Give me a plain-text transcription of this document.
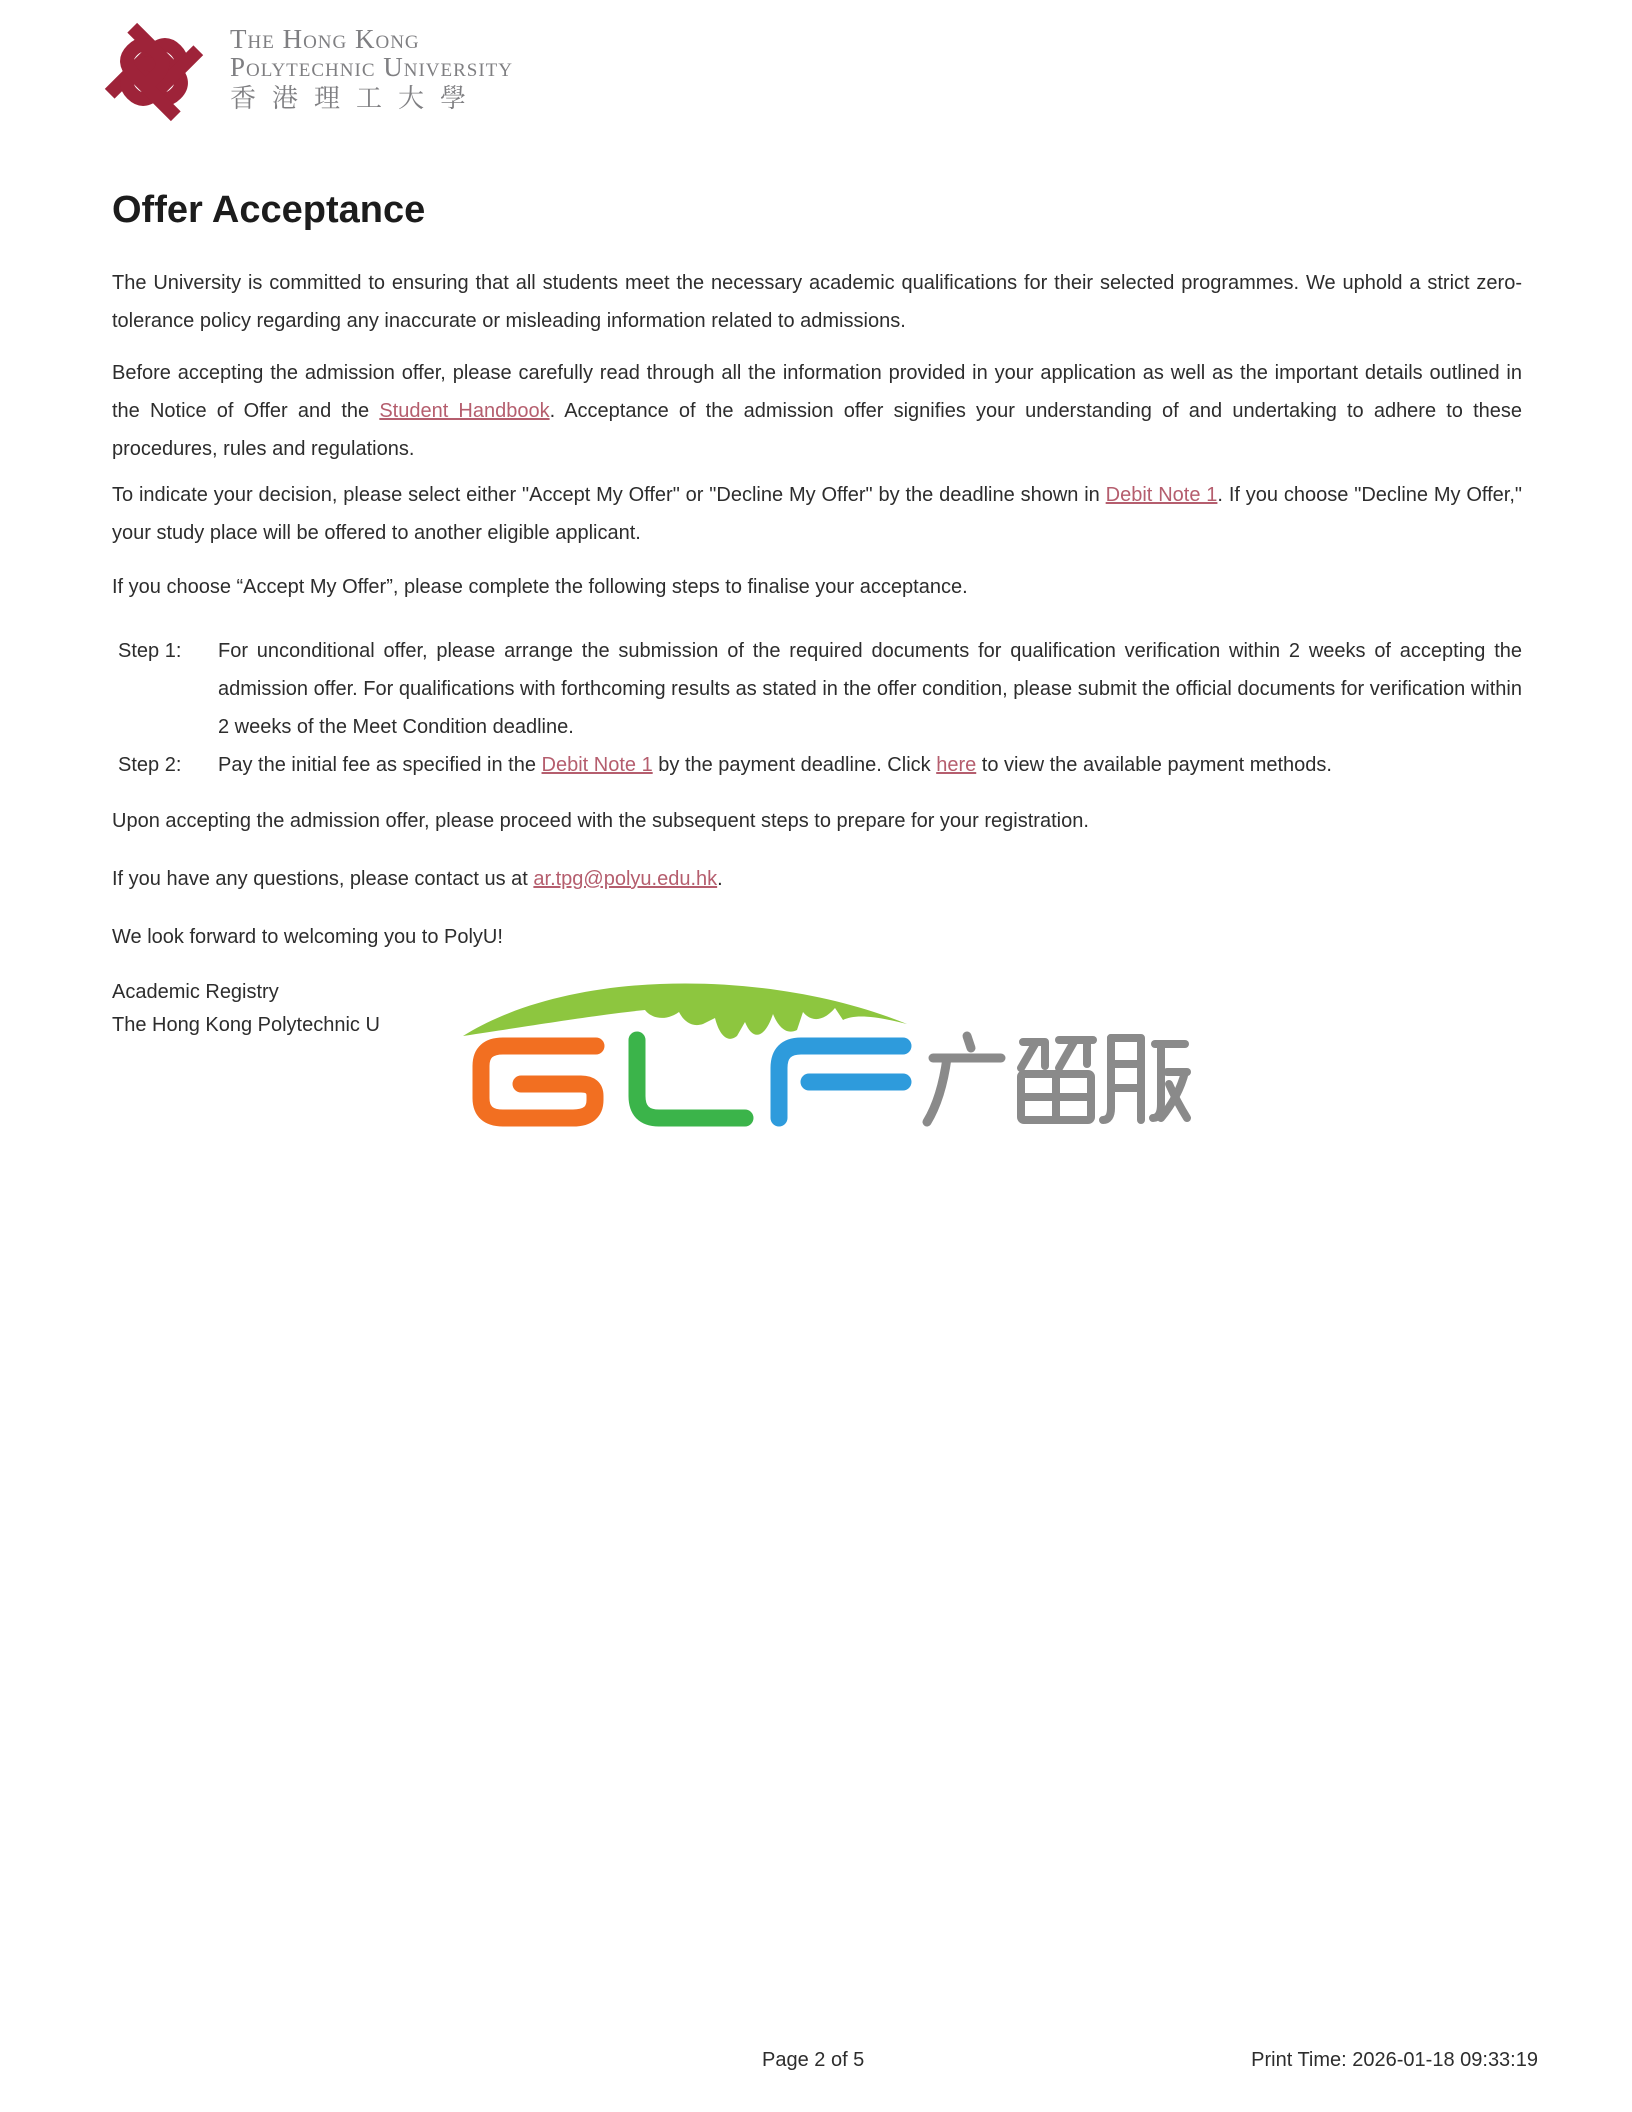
The Hong Kong
Polytechnic University
香港理工大學
Offer Acceptance
The University is committed to ensuring that all students meet the necessary academic qualifications for their selected programmes. We uphold a strict zero-tolerance policy regarding any inaccurate or misleading information related to admissions.
Before accepting the admission offer, please carefully read through all the information provided in your application as well as the important details outlined in the Notice of Offer and the Student Handbook. Acceptance of the admission offer signifies your understanding of and undertaking to adhere to these procedures, rules and regulations.
To indicate your decision, please select either "Accept My Offer" or "Decline My Offer" by the deadline shown in Debit Note 1. If you choose "Decline My Offer," your study place will be offered to another eligible applicant.
If you choose “Accept My Offer”, please complete the following steps to finalise your acceptance.
Step 1:	For unconditional offer, please arrange the submission of the required documents for qualification verification within 2 weeks of accepting the admission offer. For qualifications with forthcoming results as stated in the offer condition, please submit the official documents for verification within 2 weeks of the Meet Condition deadline.
Step 2:	Pay the initial fee as specified in the Debit Note 1 by the payment deadline. Click here to view the available payment methods.
Upon accepting the admission offer, please proceed with the subsequent steps to prepare for your registration.
If you have any questions, please contact us at ar.tpg@polyu.edu.hk.
We look forward to welcoming you to PolyU!
Academic Registry
The Hong Kong Polytechnic U
Page 2 of 5	Print Time: 2026-01-18 09:33:19
